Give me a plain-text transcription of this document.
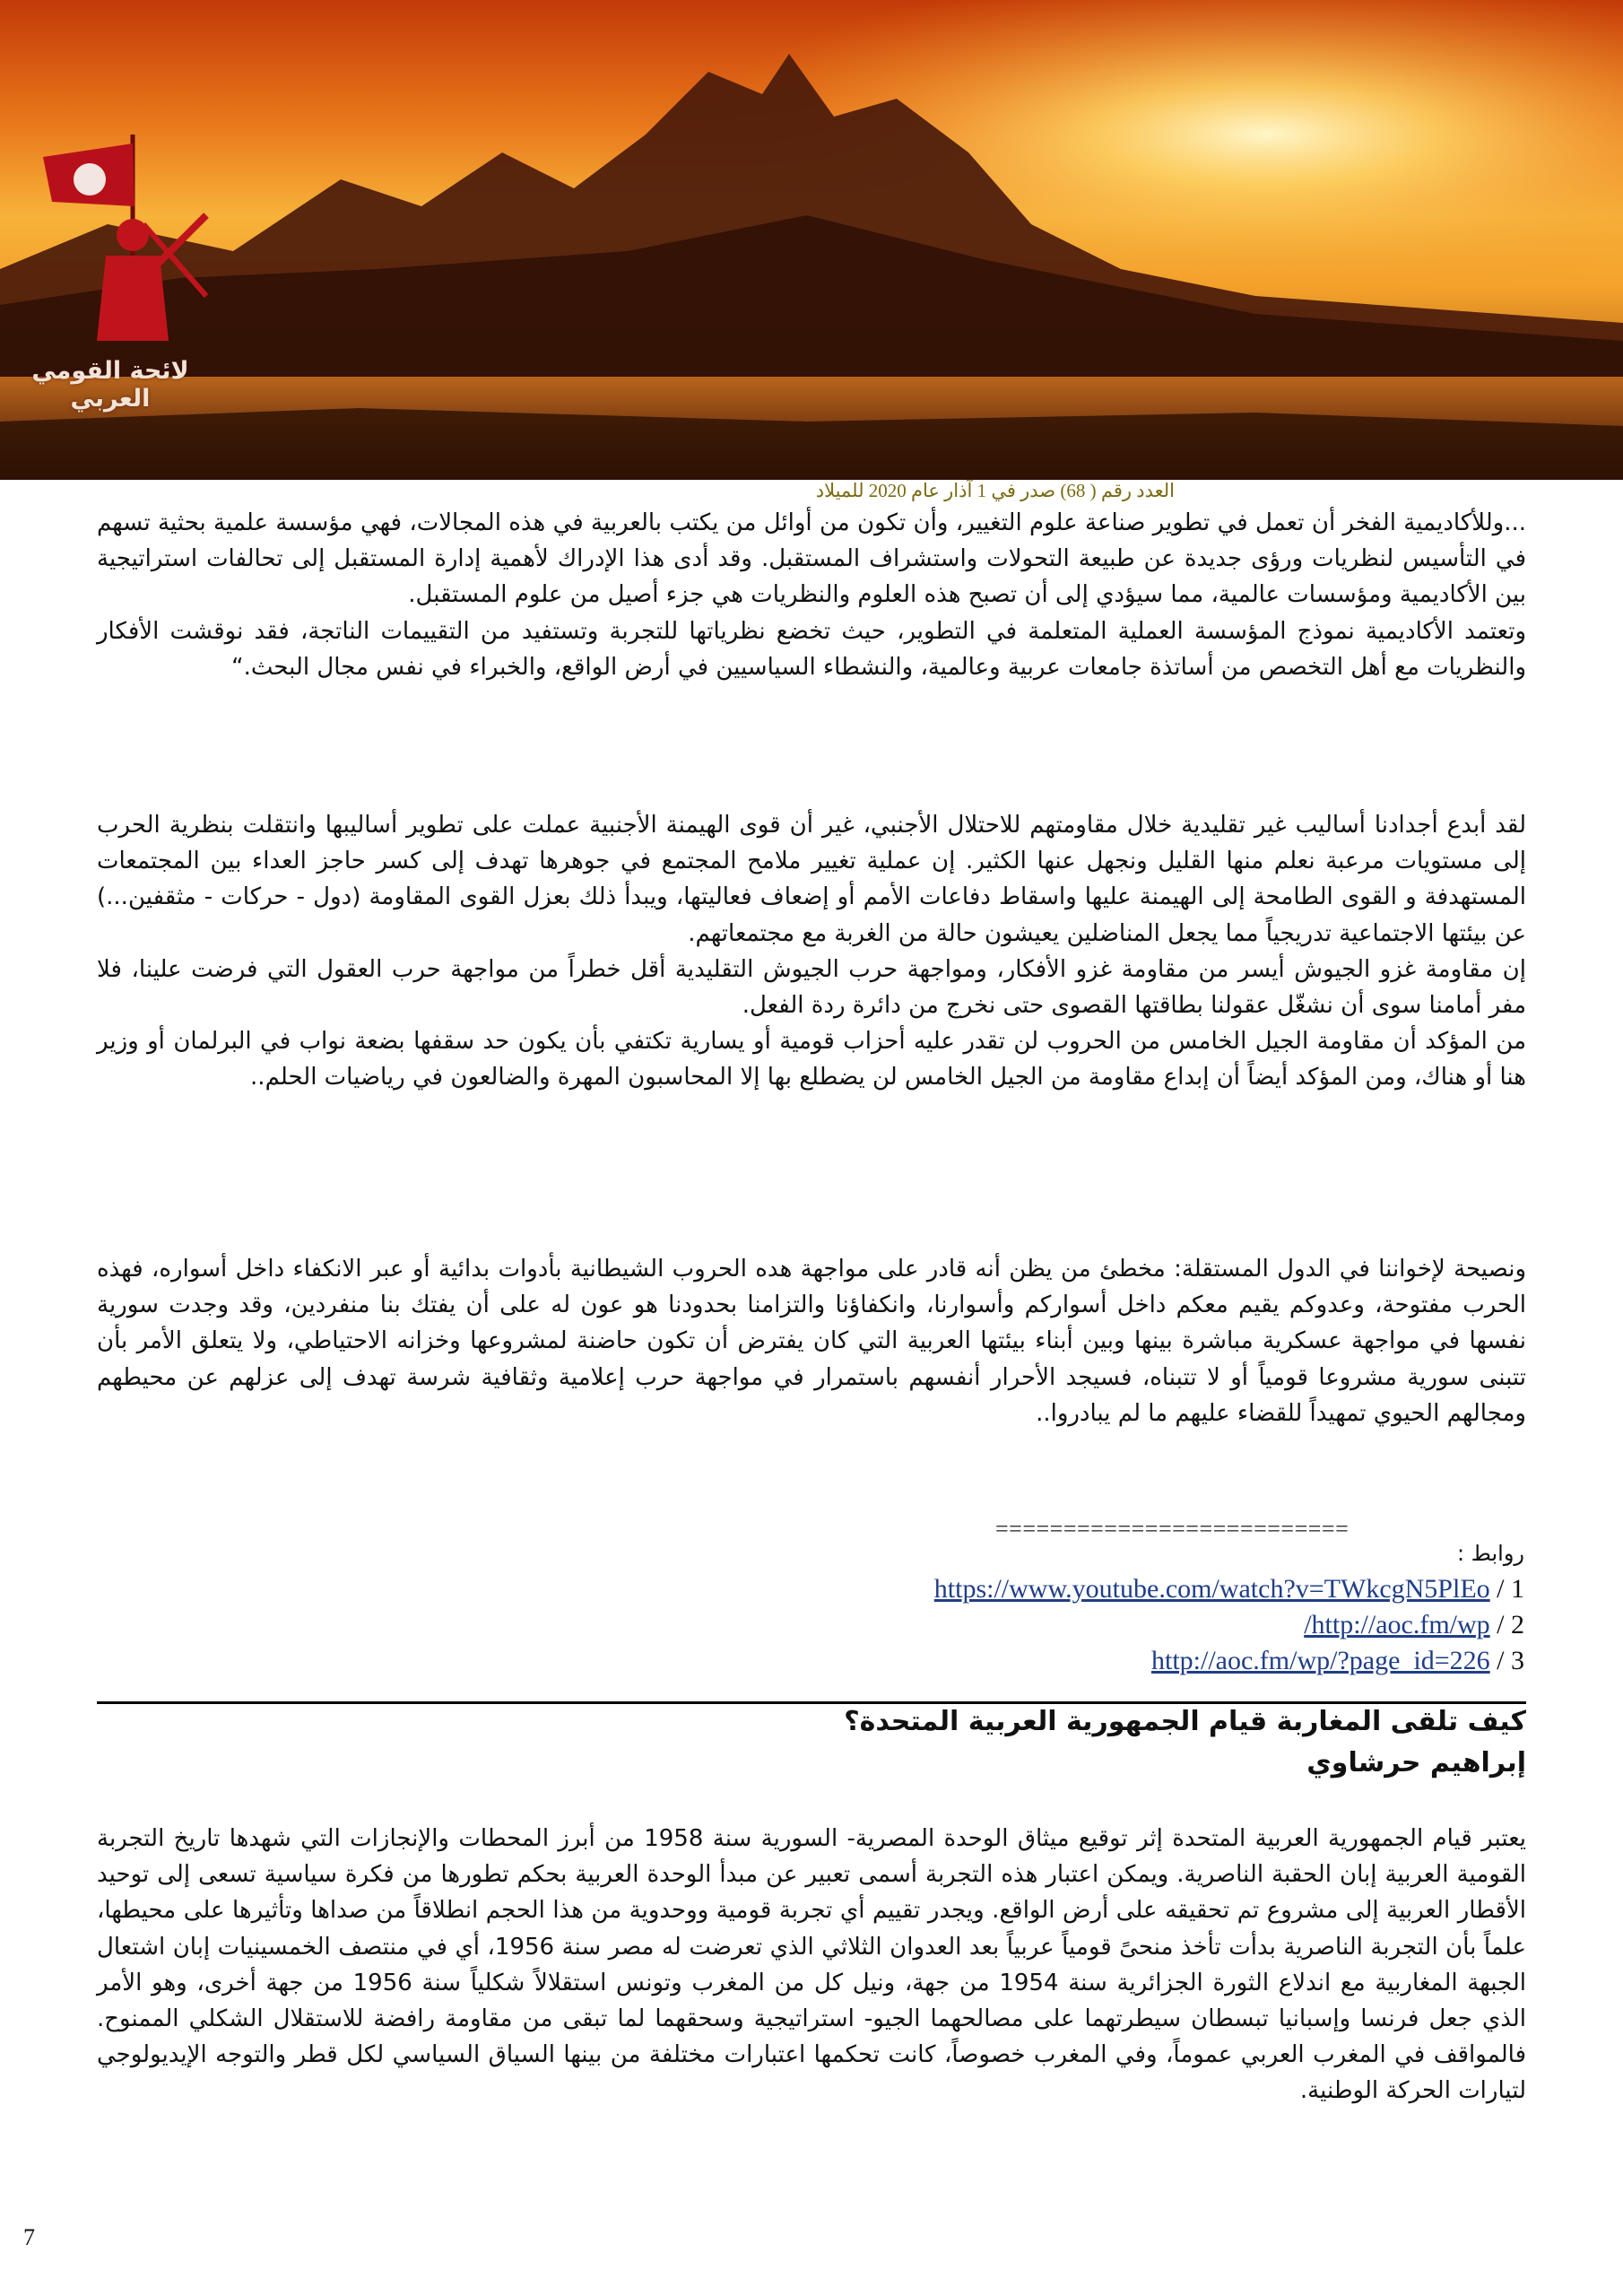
لائحة القومي العربي
العدد رقم ( 68) صدر في 1 آذار عام 2020 للميلاد

...وللأكاديمية الفخر أن تعمل في تطوير صناعة علوم التغيير، وأن تكون من أوائل من يكتب بالعربية في هذه المجالات، فهي مؤسسة علمية بحثية تسهم في التأسيس لنظريات ورؤى جديدة عن طبيعة التحولات واستشراف المستقبل. وقد أدى هذا الإدراك لأهمية إدارة المستقبل إلى تحالفات استراتيجية بين الأكاديمية ومؤسسات عالمية، مما سيؤدي إلى أن تصبح هذه العلوم والنظريات هي جزء أصيل من علوم المستقبل.

وتعتمد الأكاديمية نموذج المؤسسة العملية المتعلمة في التطوير، حيث تخضع نظرياتها للتجربة وتستفيد من التقييمات الناتجة، فقد نوقشت الأفكار والنظريات مع أهل التخصص من أساتذة جامعات عربية وعالمية، والنشطاء السياسيين في أرض الواقع، والخبراء في نفس مجال البحث.“

لقد أبدع أجدادنا أساليب غير تقليدية خلال مقاومتهم للاحتلال الأجنبي، غير أن قوى الهيمنة الأجنبية عملت على تطوير أساليبها وانتقلت بنظرية الحرب إلى مستويات مرعبة نعلم منها القليل ونجهل عنها الكثير. إن عملية تغيير ملامح المجتمع في جوهرها تهدف إلى كسر حاجز العداء بين المجتمعات المستهدفة و القوى الطامحة إلى الهيمنة عليها واسقاط دفاعات الأمم أو إضعاف فعاليتها، ويبدأ ذلك بعزل القوى المقاومة (دول - حركات - مثقفين...) عن بيئتها الاجتماعية تدريجياً مما يجعل المناضلين يعيشون حالة من الغربة مع مجتمعاتهم.

إن مقاومة غزو الجيوش أيسر من مقاومة غزو الأفكار، ومواجهة حرب الجيوش التقليدية أقل خطراً من مواجهة حرب العقول التي فرضت علينا، فلا مفر أمامنا سوى أن نشغّل عقولنا بطاقتها القصوى حتى نخرج من دائرة ردة الفعل.

من المؤكد أن مقاومة الجيل الخامس من الحروب لن تقدر عليه أحزاب قومية أو يسارية تكتفي بأن يكون حد سقفها بضعة نواب في البرلمان أو وزير هنا أو هناك، ومن المؤكد أيضاً أن إبداع مقاومة من الجيل الخامس لن يضطلع بها إلا المحاسبون المهرة والضالعون في رياضيات الحلم..

ونصيحة لإخواننا في الدول المستقلة: مخطئ من يظن أنه قادر على مواجهة هده الحروب الشيطانية بأدوات بدائية أو عبر الانكفاء داخل أسواره، فهذه الحرب مفتوحة، وعدوكم يقيم معكم داخل أسواركم وأسوارنا، وانكفاؤنا والتزامنا بحدودنا هو عون له على أن يفتك بنا منفردين، وقد وجدت سورية نفسها في مواجهة عسكرية مباشرة بينها وبين أبناء بيئتها العربية التي كان يفترض أن تكون حاضنة لمشروعها وخزانه الاحتياطي، ولا يتعلق الأمر بأن تتبنى سورية مشروعا قومياً أو لا تتبناه، فسيجد الأحرار أنفسهم باستمرار في مواجهة حرب إعلامية وثقافية شرسة تهدف إلى عزلهم عن محيطهم ومجالهم الحيوي تمهيداً للقضاء عليهم ما لم يبادروا..

==========================
روابط :
1 / https://www.youtube.com/watch?v=TWkcgN5PlEo
2 / /http://aoc.fm/wp
3 / http://aoc.fm/wp/?page_id=226
كيف تلقى المغاربة قيام الجمهورية العربية المتحدة؟
إبراهيم حرشاوي

يعتبر قيام الجمهورية العربية المتحدة إثر توقيع ميثاق الوحدة المصرية- السورية سنة 1958 من أبرز المحطات والإنجازات التي شهدها تاريخ التجربة القومية العربية إبان الحقبة الناصرية. ويمكن اعتبار هذه التجربة أسمى تعبير عن مبدأ الوحدة العربية بحكم تطورها من فكرة سياسية تسعى إلى توحيد الأقطار العربية إلى مشروع تم تحقيقه على أرض الواقع. ويجدر تقييم أي تجربة قومية ووحدوية من هذا الحجم انطلاقاً من صداها وتأثيرها على محيطها، علماً بأن التجربة الناصرية بدأت تأخذ منحىً قومياً عربياً بعد العدوان الثلاثي الذي تعرضت له مصر سنة 1956، أي في منتصف الخمسينيات إبان اشتعال الجبهة المغاربية مع اندلاع الثورة الجزائرية سنة 1954 من جهة، ونيل كل من المغرب وتونس استقلالاً شكلياً سنة 1956 من جهة أخرى، وهو الأمر الذي جعل فرنسا وإسبانيا تبسطان سيطرتهما على مصالحهما الجيو- استراتيجية وسحقهما لما تبقى من مقاومة رافضة للاستقلال الشكلي الممنوح. فالمواقف في المغرب العربي عموماً، وفي المغرب خصوصاً، كانت تحكمها اعتبارات مختلفة من بينها السياق السياسي لكل قطر والتوجه الإيديولوجي لتيارات الحركة الوطنية.

7
